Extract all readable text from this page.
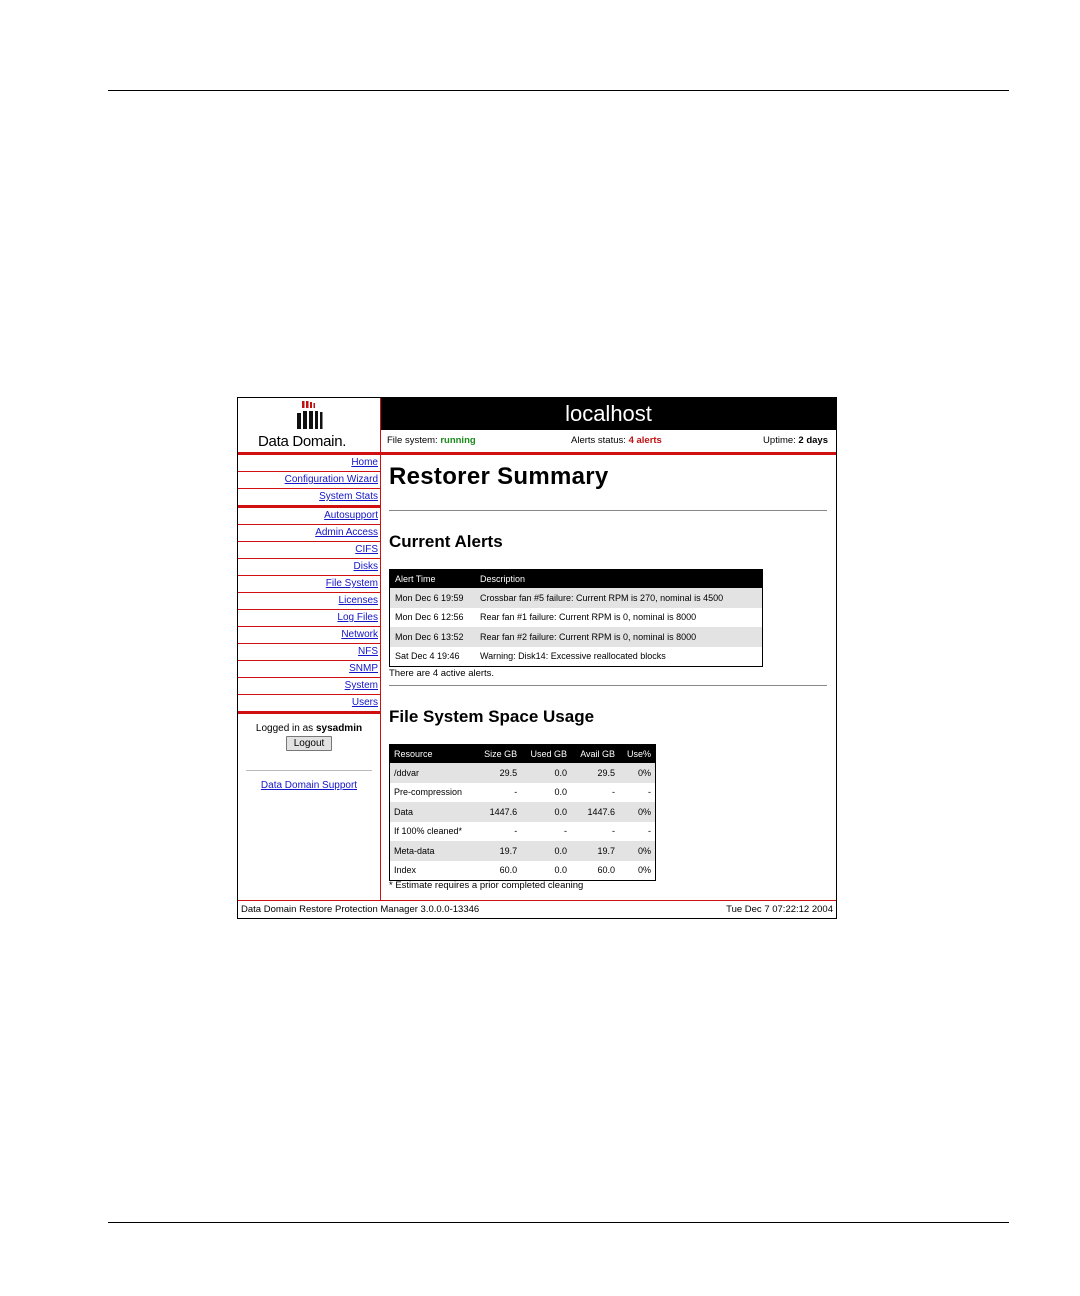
Data Domain.
Home
Configuration Wizard
System Stats
Autosupport
Admin Access
CIFS
Disks
File System
Licenses
Log Files
Network
NFS
SNMP
System
Users
Logged in as sysadmin
Logout
Data Domain Support
localhost
File system: running	Alerts status: 4 alerts	Uptime: 2 days
Restorer Summary
Current Alerts
Alert Time	Description
Mon Dec 6 19:59	Crossbar fan #5 failure: Current RPM is 270, nominal is 4500
Mon Dec 6 12:56	Rear fan #1 failure: Current RPM is 0, nominal is 8000
Mon Dec 6 13:52	Rear fan #2 failure: Current RPM is 0, nominal is 8000
Sat Dec 4 19:46	Warning: Disk14: Excessive reallocated blocks
There are 4 active alerts.
File System Space Usage
Resource	Size GB	Used GB	Avail GB	Use%
/ddvar	29.5	0.0	29.5	0%
Pre-compression	-	0.0	-	-
Data	1447.6	0.0	1447.6	0%
If 100% cleaned*	-	-	-	-
Meta-data	19.7	0.0	19.7	0%
Index	60.0	0.0	60.0	0%
* Estimate requires a prior completed cleaning
Data Domain Restore Protection Manager 3.0.0.0-13346	Tue Dec 7 07:22:12 2004
